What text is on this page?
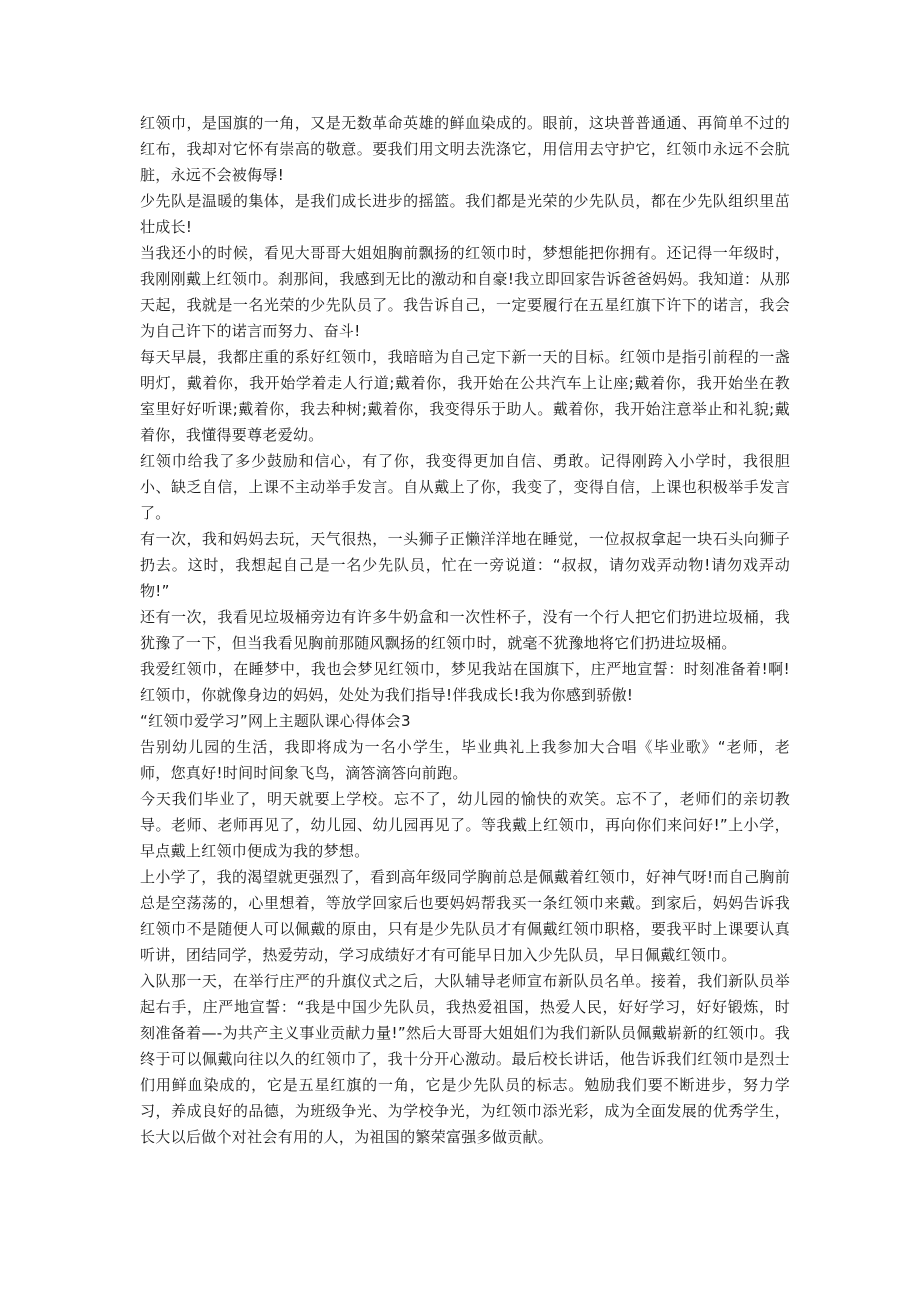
红领巾，是国旗的一角，又是无数革命英雄的鲜血染成的。眼前，这块普普通通、再简单不过的红布，我却对它怀有崇高的敬意。要我们用文明去洗涤它，用信用去守护它，红领巾永远不会肮脏，永远不会被侮辱!

少先队是温暖的集体，是我们成长进步的摇篮。我们都是光荣的少先队员，都在少先队组织里茁壮成长!

当我还小的时候，看见大哥哥大姐姐胸前飘扬的红领巾时，梦想能把你拥有。还记得一年级时，我刚刚戴上红领巾。刹那间，我感到无比的激动和自豪!我立即回家告诉爸爸妈妈。我知道：从那天起，我就是一名光荣的少先队员了。我告诉自己，一定要履行在五星红旗下许下的诺言，我会为自己许下的诺言而努力、奋斗!

每天早晨，我都庄重的系好红领巾，我暗暗为自己定下新一天的目标。红领巾是指引前程的一盏明灯，戴着你，我开始学着走人行道;戴着你，我开始在公共汽车上让座;戴着你，我开始坐在教室里好好听课;戴着你，我去种树;戴着你，我变得乐于助人。戴着你，我开始注意举止和礼貌;戴着你，我懂得要尊老爱幼。

红领巾给我了多少鼓励和信心，有了你，我变得更加自信、勇敢。记得刚跨入小学时，我很胆小、缺乏自信，上课不主动举手发言。自从戴上了你，我变了，变得自信，上课也积极举手发言了。

有一次，我和妈妈去玩，天气很热，一头狮子正懒洋洋地在睡觉，一位叔叔拿起一块石头向狮子扔去。这时，我想起自己是一名少先队员，忙在一旁说道：“叔叔，请勿戏弄动物!请勿戏弄动物!”

还有一次，我看见垃圾桶旁边有许多牛奶盒和一次性杯子，没有一个行人把它们扔进垃圾桶，我犹豫了一下，但当我看见胸前那随风飘扬的红领巾时，就毫不犹豫地将它们扔进垃圾桶。

我爱红领巾，在睡梦中，我也会梦见红领巾，梦见我站在国旗下，庄严地宣誓：时刻准备着!啊!红领巾，你就像身边的妈妈，处处为我们指导!伴我成长!我为你感到骄傲!

“红领巾爱学习”网上主题队课心得体会3

告别幼儿园的生活，我即将成为一名小学生，毕业典礼上我参加大合唱《毕业歌》“老师，老师，您真好!时间时间象飞鸟，滴答滴答向前跑。

今天我们毕业了，明天就要上学校。忘不了，幼儿园的愉快的欢笑。忘不了，老师们的亲切教导。老师、老师再见了，幼儿园、幼儿园再见了。等我戴上红领巾，再向你们来问好!”上小学，早点戴上红领巾便成为我的梦想。

上小学了，我的渴望就更强烈了，看到高年级同学胸前总是佩戴着红领巾，好神气呀!而自己胸前总是空荡荡的，心里想着，等放学回家后也要妈妈帮我买一条红领巾来戴。到家后，妈妈告诉我红领巾不是随便人可以佩戴的原由，只有是少先队员才有佩戴红领巾职格，要我平时上课要认真听讲，团结同学，热爱劳动，学习成绩好才有可能早日加入少先队员，早日佩戴红领巾。

入队那一天，在举行庄严的升旗仪式之后，大队辅导老师宣布新队员名单。接着，我们新队员举起右手，庄严地宣誓：“我是中国少先队员，我热爱祖国，热爱人民，好好学习，好好锻炼，时刻准备着—-为共产主义事业贡献力量!”然后大哥哥大姐姐们为我们新队员佩戴崭新的红领巾。我终于可以佩戴向往以久的红领巾了，我十分开心激动。最后校长讲话，他告诉我们红领巾是烈士们用鲜血染成的，它是五星红旗的一角，它是少先队员的标志。勉励我们要不断进步，努力学习，养成良好的品德，为班级争光、为学校争光，为红领巾添光彩，成为全面发展的优秀学生，长大以后做个对社会有用的人，为祖国的繁荣富强多做贡献。
